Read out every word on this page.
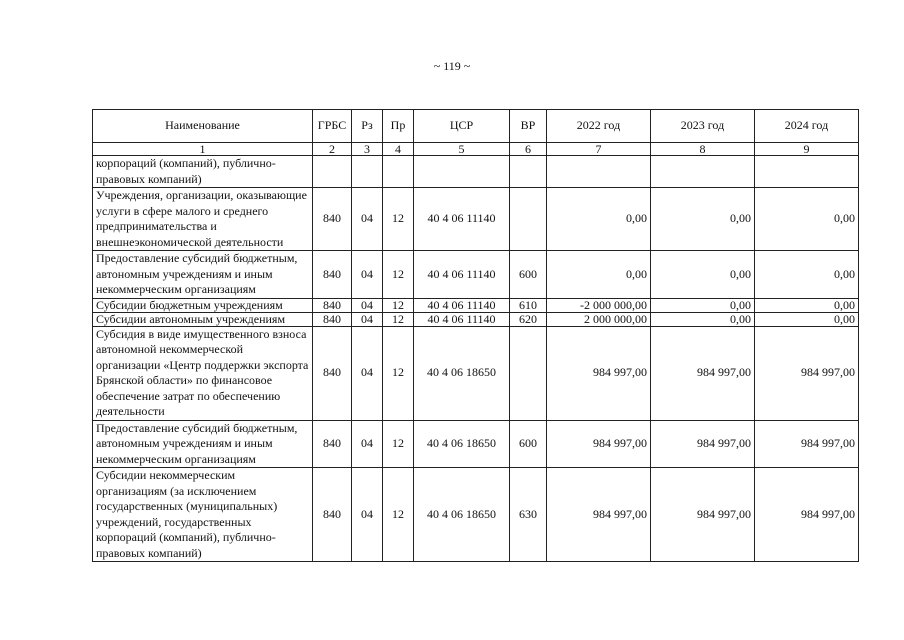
~ 119 ~
Наименование	ГРБС	Рз	Пр	ЦСР	ВР	2022 год	2023 год	2024 год
1	2	3	4	5	6	7	8	9
корпораций (компаний), публично-правовых компаний)								
Учреждения, организации, оказывающие услуги в сфере малого и среднего предпринимательства и внешнеэкономической деятельности	840	04	12	40 4 06 11140		0,00	0,00	0,00
Предоставление субсидий бюджетным, автономным учреждениям и иным некоммерческим организациям	840	04	12	40 4 06 11140	600	0,00	0,00	0,00
Субсидии бюджетным учреждениям	840	04	12	40 4 06 11140	610	-2 000 000,00	0,00	0,00
Субсидии автономным учреждениям	840	04	12	40 4 06 11140	620	2 000 000,00	0,00	0,00
Субсидия в виде имущественного взноса автономной некоммерческой организации «Центр поддержки экспорта Брянской области» по финансовое обеспечение затрат по обеспечению деятельности	840	04	12	40 4 06 18650		984 997,00	984 997,00	984 997,00
Предоставление субсидий бюджетным, автономным учреждениям и иным некоммерческим организациям	840	04	12	40 4 06 18650	600	984 997,00	984 997,00	984 997,00
Субсидии некоммерческим организациям (за исключением государственных (муниципальных) учреждений, государственных корпораций (компаний), публично-правовых компаний)	840	04	12	40 4 06 18650	630	984 997,00	984 997,00	984 997,00
